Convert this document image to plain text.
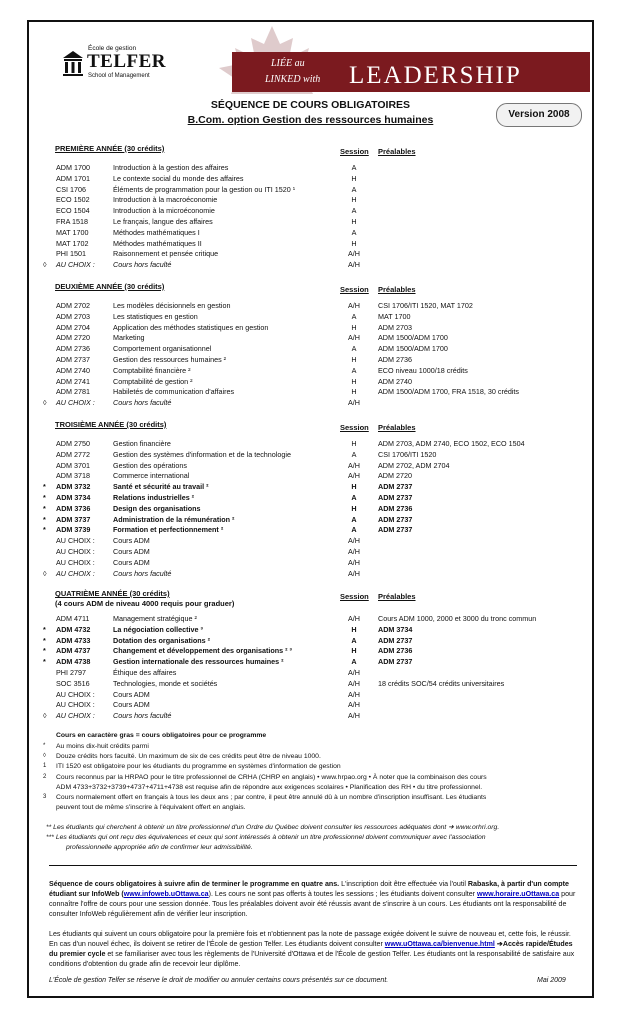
École de gestion
TELFER
School of Management
LIÉE au
LINKED with LEADERSHIP
SÉQUENCE DE COURS OBLIGATOIRES
B.Com. option Gestion des ressources humaines	Version 2008
PREMIÈRE ANNÉE (30 crédits)	Session Préalables
ADM 1700	Introduction à la gestion des affaires	A
ADM 1701	Le contexte social du monde des affaires	H
CSI 1706	Éléments de programmation pour la gestion ou ITI 1520 ¹	A
ECO 1502	Introduction à la macroéconomie	H
ECO 1504	Introduction à la microéconomie	A
FRA 1518	Le français, langue des affaires	H
MAT 1700	Méthodes mathématiques I	A
MAT 1702	Méthodes mathématiques II	H
PHI 1501	Raisonnement et pensée critique	A/H
◊	AU CHOIX :	Cours hors faculté	A/H
DEUXIÈME ANNÉE (30 crédits)	Session Préalables
ADM 2702	Les modèles décisionnels en gestion	A/H	CSI 1706/ITI 1520, MAT 1702
ADM 2703	Les statistiques en gestion	A	MAT 1700
ADM 2704	Application des méthodes statistiques en gestion	H	ADM 2703
ADM 2720	Marketing	A/H	ADM 1500/ADM 1700
ADM 2736	Comportement organisationnel	A	ADM 1500/ADM 1700
ADM 2737	Gestion des ressources humaines ²	H	ADM 2736
ADM 2740	Comptabilité financière ²	A	ECO niveau 1000/18 crédits
ADM 2741	Comptabilité de gestion ²	H	ADM 2740
ADM 2781	Habiletés de communication d'affaires	H	ADM 1500/ADM 1700, FRA 1518, 30 crédits
◊	AU CHOIX :	Cours hors faculté	A/H
TROISIÈME ANNÉE (30 crédits)	Session Préalables
ADM 2750	Gestion financière	H	ADM 2703, ADM 2740, ECO 1502, ECO 1504
ADM 2772	Gestion des systèmes d'information et de la technologie	A	CSI 1706/ITI 1520
ADM 3701	Gestion des opérations	A/H	ADM 2702, ADM 2704
ADM 3718	Commerce international	A/H	ADM 2720
*	ADM 3732	Santé et sécurité au travail ²	H	ADM 2737
*	ADM 3734	Relations industrielles ²	A	ADM 2737
*	ADM 3736	Design des organisations	H	ADM 2736
*	ADM 3737	Administration de la rémunération ²	A	ADM 2737
*	ADM 3739	Formation et perfectionnement ²	A	ADM 2737
AU CHOIX :	Cours ADM	A/H
AU CHOIX :	Cours ADM	A/H
AU CHOIX :	Cours ADM	A/H
◊	AU CHOIX :	Cours hors faculté	A/H
QUATRIÈME ANNÉE (30 crédits)	Session Préalables
(4 cours ADM de niveau 4000 requis pour graduer)
ADM 4711	Management stratégique ²	A/H	Cours ADM 1000, 2000 et 3000 du tronc commun
*	ADM 4732	La négociation collective ³	H	ADM 3734
*	ADM 4733	Dotation des organisations ²	A	ADM 2737
*	ADM 4737	Changement et développement des organisations ² ³	H	ADM 2736
*	ADM 4738	Gestion internationale des ressources humaines ²	A	ADM 2737
PHI 2797	Éthique des affaires	A/H
SOC 3516	Technologies, monde et sociétés	A/H	18 crédits SOC/54 crédits universitaires
AU CHOIX :	Cours ADM	A/H
AU CHOIX :	Cours ADM	A/H
◊	AU CHOIX :	Cours hors faculté	A/H
Cours en caractère gras = cours obligatoires pour ce programme
* Au moins dix-huit crédits parmi
◊ Douze crédits hors faculté. Un maximum de six de ces crédits peut être de niveau 1000.
1 ITI 1520 est obligatoire pour les étudiants du programme en systèmes d'information de gestion
2 Cours reconnus par la HRPAO pour le titre professionnel de CRHA (CHRP en anglais) • www.hrpao.org • À noter que la combinaison des cours
ADM 4733+3732+3739+4737+4711+4738 est requise afin de répondre aux exigences scolaires • Planification des RH • du titre professionnel.
3 Cours normalement offert en français à tous les deux ans ; par contre, il peut être annulé dû à un nombre d'inscription insuffisant. Les étudiants
peuvent tout de même s'inscrire à l'équivalent offert en anglais.
** Les étudiants qui cherchent à obtenir un titre professionnel d'un Ordre du Québec doivent consulter les ressources adéquates dont ➜ www.orhri.org.
*** Les étudiants qui ont reçu des équivalences et ceux qui sont intéressés à obtenir un titre professionnel doivent communiquer avec l'association
professionnelle appropriée afin de confirmer leur admissibilité.
Séquence de cours obligatoires à suivre afin de terminer le programme en quatre ans. L'inscription doit être effectuée via l'outil Rabaska, à partir d'un compte étudiant sur InfoWeb (www.infoweb.uOttawa.ca). Les cours ne sont pas offerts à toutes les sessions ; les étudiants doivent consulter www.horaire.uOttawa.ca pour connaître l'offre de cours pour une session donnée. Tous les préalables doivent avoir été réussis avant de s'inscrire à un cours. Les étudiants ont la responsabilité de consulter InfoWeb régulièrement afin de vérifier leur inscription.
Les étudiants qui suivent un cours obligatoire pour la première fois et n'obtiennent pas la note de passage exigée doivent le suivre de nouveau et, cette fois, le réussir. En cas d'un nouvel échec, ils doivent se retirer de l'École de gestion Telfer. Les étudiants doivent consulter www.uOttawa.ca/bienvenue.html ➔Accès rapide/Études du premier cycle et se familiariser avec tous les règlements de l'Université d'Ottawa et de l'École de gestion Telfer. Les étudiants ont la responsabilité de satisfaire aux conditions d'obtention du grade afin de recevoir leur diplôme.
L'École de gestion Telfer se réserve le droit de modifier ou annuler certains cours présentés sur ce document.	Mai 2009
